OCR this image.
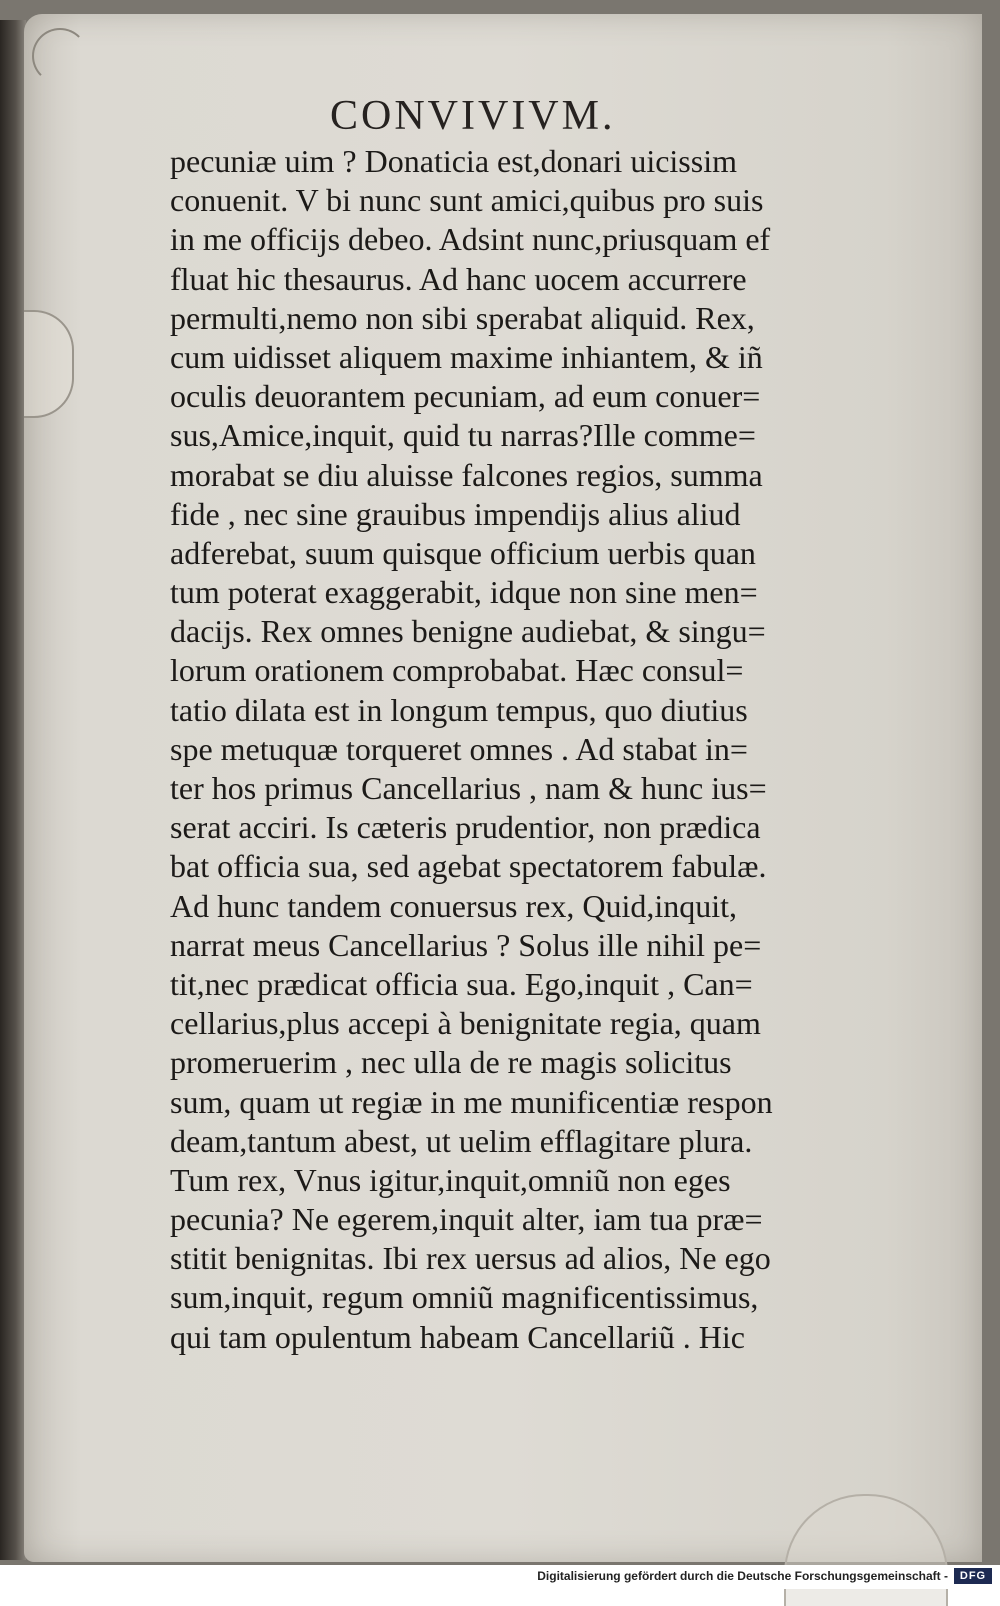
CONVIVIVM.
pecuniæ uim ? Donaticia est,donari uicissim
conuenit. V bi nunc sunt amici,quibus pro suis
in me officijs debeo. Adsint nunc,priusquam ef
fluat hic thesaurus. Ad hanc uocem accurrere
permulti,nemo non sibi sperabat aliquid. Rex,
cum uidisset aliquem maxime inhiantem, & iñ
oculis deuorantem pecuniam, ad eum conuer=
sus,Amice,inquit, quid tu narras?Ille comme=
morabat se diu aluisse falcones regios, summa
fide , nec sine grauibus impendijs alius aliud
adferebat, suum quisque officium uerbis quan
tum poterat exaggerabit, idque non sine men=
dacijs. Rex omnes benigne audiebat, & singu=
lorum orationem comprobabat. Hæc consul=
tatio dilata est in longum tempus, quo diutius
spe metuquæ torqueret omnes . Ad stabat in=
ter hos primus Cancellarius , nam & hunc ius=
serat acciri. Is cæteris prudentior, non prædica
bat officia sua, sed agebat spectatorem fabulæ.
Ad hunc tandem conuersus rex, Quid,inquit,
narrat meus Cancellarius ? Solus ille nihil pe=
tit,nec prædicat officia sua. Ego,inquit , Can=
cellarius,plus accepi à benignitate regia, quam
promeruerim , nec ulla de re magis solicitus
sum, quam ut regiæ in me munificentiæ respon
deam,tantum abest, ut uelim efflagitare plura.
Tum rex, Vnus igitur,inquit,omniũ non eges
pecunia? Ne egerem,inquit alter, iam tua præ=
stitit benignitas. Ibi rex uersus ad alios, Ne ego
sum,inquit, regum omniũ magnificentissimus,
qui tam opulentum habeam Cancellariũ . Hic
Digitalisierung gefördert durch die Deutsche Forschungsgemeinschaft -	DFG
